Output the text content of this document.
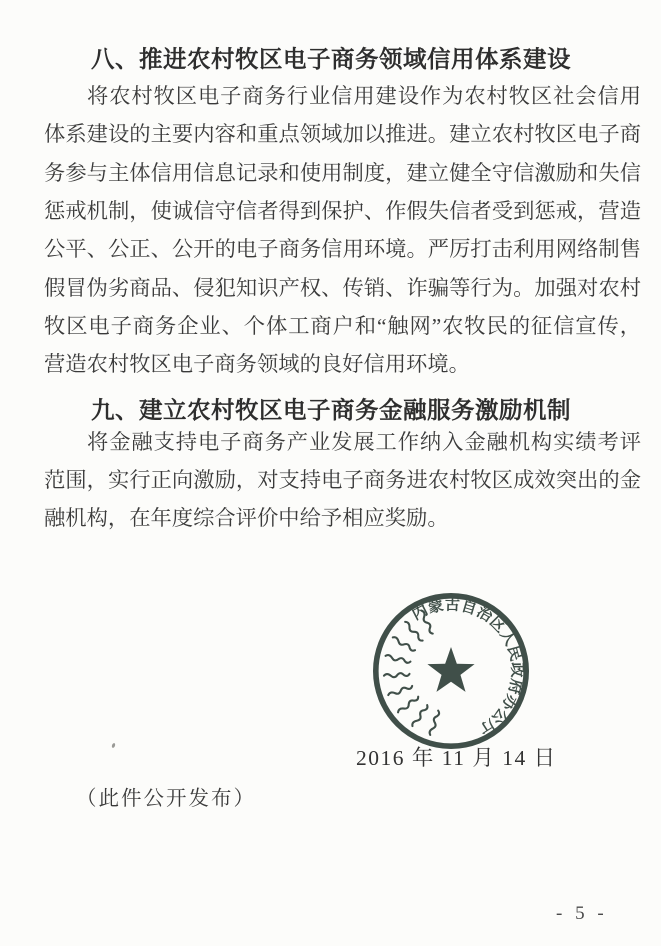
八、推进农村牧区电子商务领域信用体系建设
将农村牧区电子商务行业信用建设作为农村牧区社会信用
体系建设的主要内容和重点领域加以推进。建立农村牧区电子商
务参与主体信用信息记录和使用制度，建立健全守信激励和失信
惩戒机制，使诚信守信者得到保护、作假失信者受到惩戒，营造
公平、公正、公开的电子商务信用环境。严厉打击利用网络制售
假冒伪劣商品、侵犯知识产权、传销、诈骗等行为。加强对农村
牧区电子商务企业、个体工商户和“触网”农牧民的征信宣传，
营造农村牧区电子商务领域的良好信用环境。
九、建立农村牧区电子商务金融服务激励机制
将金融支持电子商务产业发展工作纳入金融机构实绩考评
范围，实行正向激励，对支持电子商务进农村牧区成效突出的金
融机构，在年度综合评价中给予相应奖励。
内蒙古自治区人民政府办公厅
2016 年 11 月 14 日
（此件公开发布）
- 5 -
